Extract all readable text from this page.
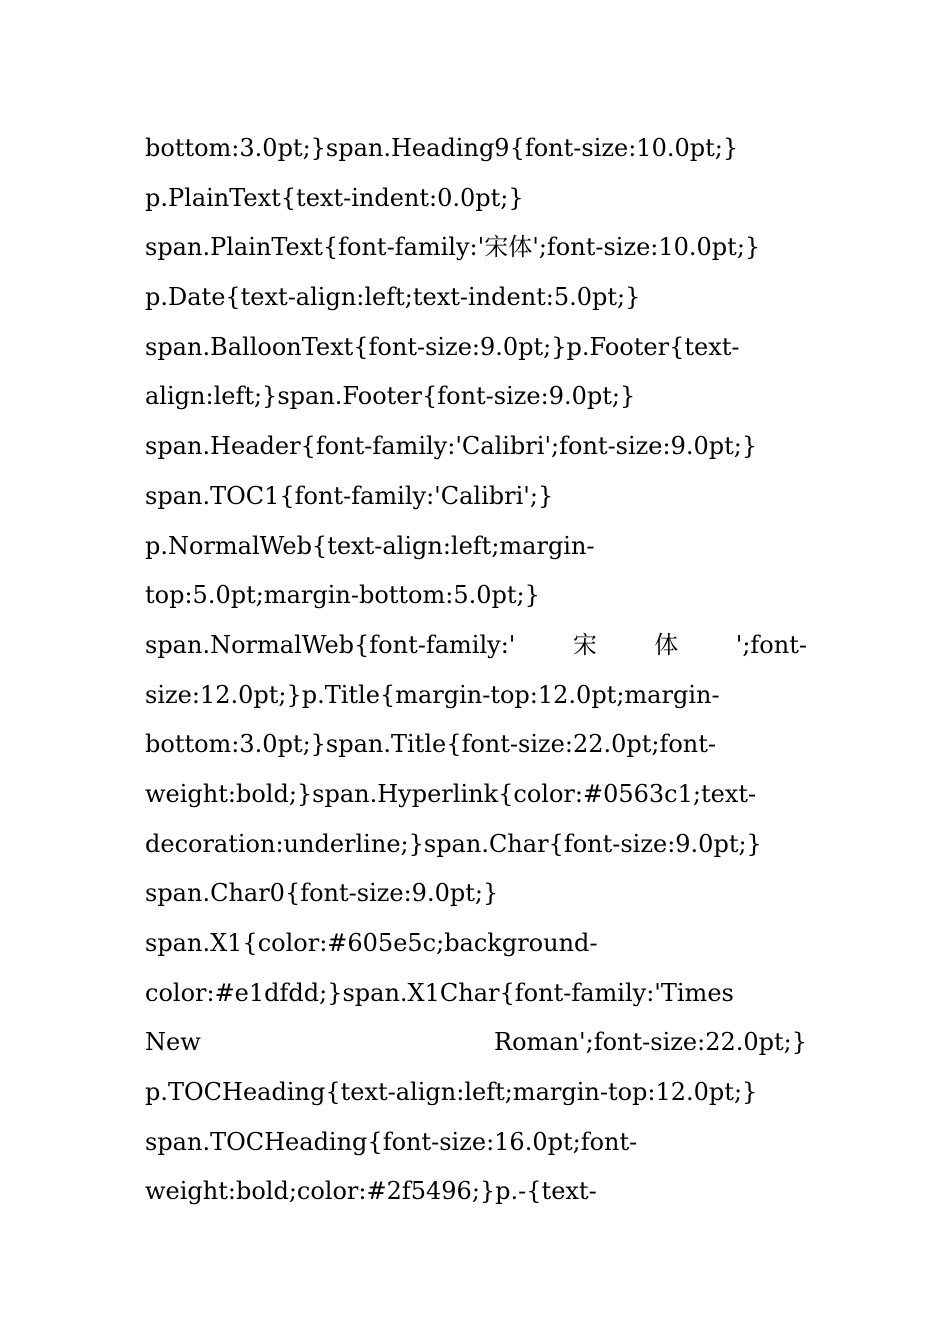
bottom:3.0pt;}span.Heading9{font-size:10.0pt;}
p.PlainText{text-indent:0.0pt;}
span.PlainText{font-family:'宋体';font-size:10.0pt;}
p.Date{text-align:left;text-indent:5.0pt;}
span.BalloonText{font-size:9.0pt;}p.Footer{text-
align:left;}span.Footer{font-size:9.0pt;}
span.Header{font-family:'Calibri';font-size:9.0pt;}
span.TOC1{font-family:'Calibri';}
p.NormalWeb{text-align:left;margin-
top:5.0pt;margin-bottom:5.0pt;}
span.NormalWeb{font-family:' 宋 体 ';font-
size:12.0pt;}p.Title{margin-top:12.0pt;margin-
bottom:3.0pt;}span.Title{font-size:22.0pt;font-
weight:bold;}span.Hyperlink{color:#0563c1;text-
decoration:underline;}span.Char{font-size:9.0pt;}
span.Char0{font-size:9.0pt;}
span.X1{color:#605e5c;background-
color:#e1dfdd;}span.X1Char{font-family:'Times
New	Roman';font-size:22.0pt;}
p.TOCHeading{text-align:left;margin-top:12.0pt;}
span.TOCHeading{font-size:16.0pt;font-
weight:bold;color:#2f5496;}p.-{text-
